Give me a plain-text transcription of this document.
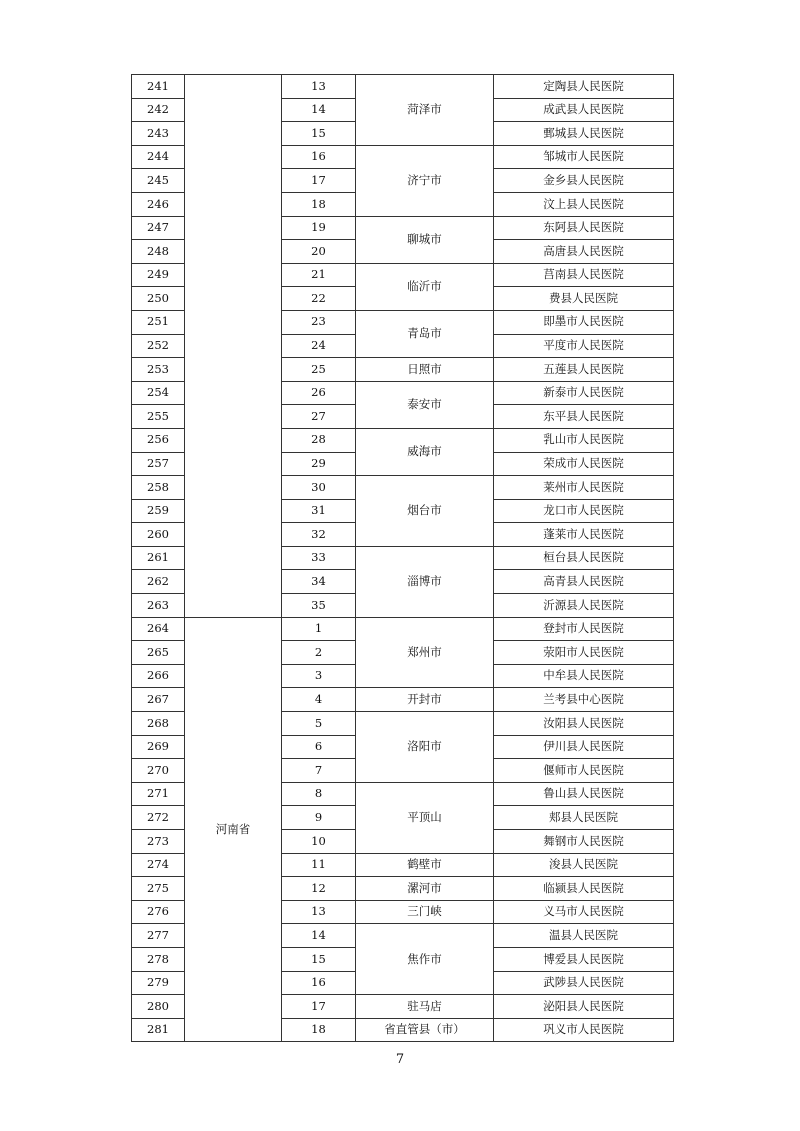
241		13	菏泽市	定陶县人民医院
242		14		成武县人民医院
243		15		鄄城县人民医院
244		16	济宁市	邹城市人民医院
245		17		金乡县人民医院
246		18		汶上县人民医院
247		19	聊城市	东阿县人民医院
248		20		高唐县人民医院
249		21	临沂市	莒南县人民医院
250		22		费县人民医院
251		23	青岛市	即墨市人民医院
252		24		平度市人民医院
253		25	日照市	五莲县人民医院
254		26	泰安市	新泰市人民医院
255		27		东平县人民医院
256		28	威海市	乳山市人民医院
257		29		荣成市人民医院
258		30	烟台市	莱州市人民医院
259		31		龙口市人民医院
260		32		蓬莱市人民医院
261		33	淄博市	桓台县人民医院
262		34		高青县人民医院
263		35		沂源县人民医院
264	河南省	1	郑州市	登封市人民医院
265		2		荥阳市人民医院
266		3		中牟县人民医院
267		4	开封市	兰考县中心医院
268		5	洛阳市	汝阳县人民医院
269		6		伊川县人民医院
270		7		偃师市人民医院
271		8	平顶山	鲁山县人民医院
272		9		郏县人民医院
273		10		舞钢市人民医院
274		11	鹤壁市	浚县人民医院
275		12	漯河市	临颍县人民医院
276		13	三门峡	义马市人民医院
277		14	焦作市	温县人民医院
278		15		博爱县人民医院
279		16		武陟县人民医院
280		17	驻马店	泌阳县人民医院
281		18	省直管县（市）	巩义市人民医院
7
